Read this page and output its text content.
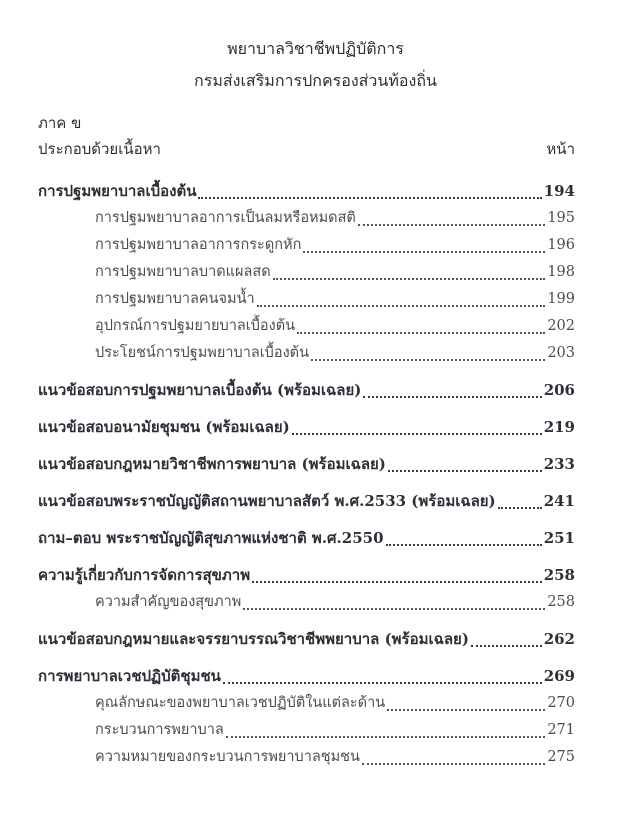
พยาบาลวิชาชีพปฏิบัติการ
กรมส่งเสริมการปกครองส่วนท้องถิ่น
ภาค ข
ประกอบด้วยเนื้อหา	หน้า
การปฐมพยาบาลเบื้องต้น	194
การปฐมพยาบาลอาการเป็นลมหรือหมดสติ	195
การปฐมพยาบาลอาการกระดูกหัก	196
การปฐมพยาบาลบาดแผลสด	198
การปฐมพยาบาลคนจมน้ำ	199
อุปกรณ์การปฐมยายบาลเบื้องต้น	202
ประโยชน์การปฐมพยาบาลเบื้องต้น	203
แนวข้อสอบการปฐมพยาบาลเบื้องต้น (พร้อมเฉลย)	206
แนวข้อสอบอนามัยชุมชน (พร้อมเฉลย)	219
แนวข้อสอบกฎหมายวิชาชีพการพยาบาล (พร้อมเฉลย)	233
แนวข้อสอบพระราชบัญญัติสถานพยาบาลสัตว์ พ.ศ.2533 (พร้อมเฉลย)	241
ถาม–ตอบ พระราชบัญญัติสุขภาพแห่งชาติ พ.ศ.2550	251
ความรู้เกี่ยวกับการจัดการสุขภาพ	258
ความสำคัญของสุขภาพ	258
แนวข้อสอบกฎหมายและจรรยาบรรณวิชาชีพพยาบาล (พร้อมเฉลย)	262
การพยาบาลเวชปฏิบัติชุมชน	269
คุณลักษณะของพยาบาลเวชปฏิบัติในแต่ละด้าน	270
กระบวนการพยาบาล	271
ความหมายของกระบวนการพยาบาลชุมชน	275
